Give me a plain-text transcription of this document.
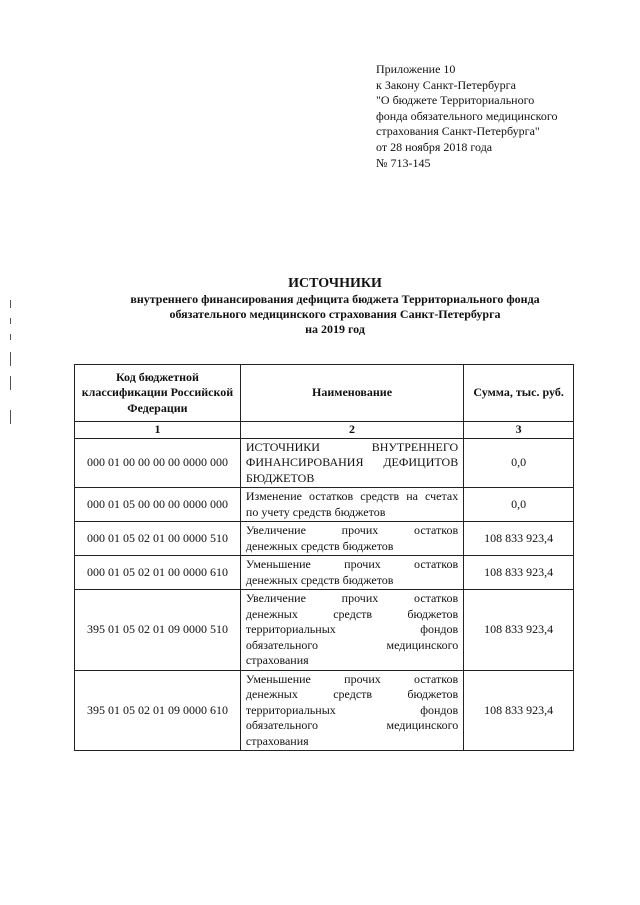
Приложение 10
к Закону Санкт-Петербурга
"О бюджете Территориального
фонда обязательного медицинского
страхования Санкт-Петербурга"
от 28 ноября 2018 года
№ 713-145
ИСТОЧНИКИ
внутреннего финансирования дефицита бюджета Территориального фонда
обязательного медицинского страхования Санкт-Петербурга
на 2019 год
Код бюджетной классификации Российской Федерации	Наименование	Сумма, тыс. руб.
1	2	3
000 01 00 00 00 00 0000 000	ИСТОЧНИКИ ВНУТРЕННЕГО
ФИНАНСИРОВАНИЯ ДЕФИЦИТОВ
БЮДЖЕТОВ	0,0
000 01 05 00 00 00 0000 000	Изменение остатков средств на счетах
по учету средств бюджетов	0,0
000 01 05 02 01 00 0000 510	Увеличение прочих остатков
денежных средств бюджетов	108 833 923,4
000 01 05 02 01 00 0000 610	Уменьшение прочих остатков
денежных средств бюджетов	108 833 923,4
395 01 05 02 01 09 0000 510	Увеличение прочих остатков
денежных средств бюджетов
территориальных фондов
обязательного медицинского
страхования	108 833 923,4
395 01 05 02 01 09 0000 610	Уменьшение прочих остатков
денежных средств бюджетов
территориальных фондов
обязательного медицинского
страхования	108 833 923,4
